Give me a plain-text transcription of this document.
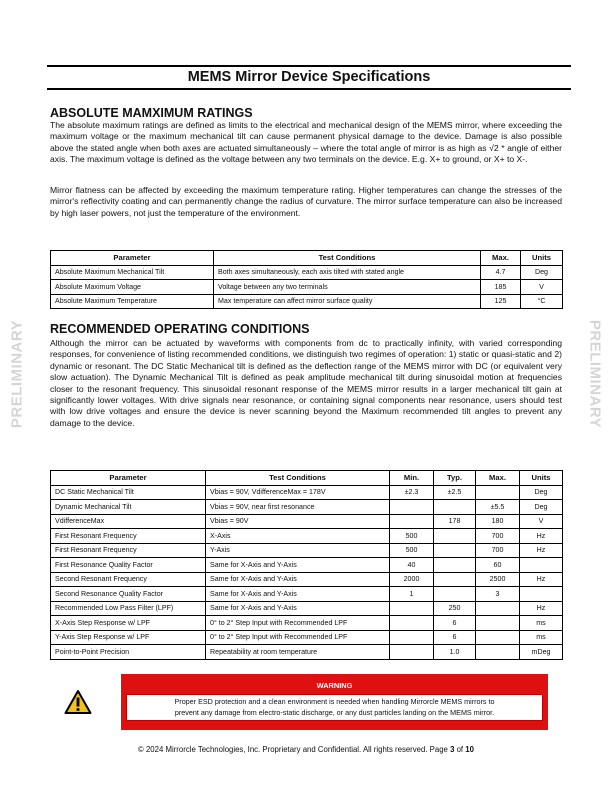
PRELIMINARY	PRELIMINARY
MEMS Mirror Device Specifications
ABSOLUTE MAMXIMUM RATINGS

The absolute maximum ratings are defined as limits to the electrical and mechanical design of the MEMS mirror, where exceeding the maximum voltage or the maximum mechanical tilt can cause permanent physical damage to the device. Damage is also possible above the stated angle when both axes are actuated simultaneously – where the total angle of mirror is as high as √2 * angle of either axis. The maximum voltage is defined as the voltage between any two terminals on the device. E.g. X+ to ground, or X+ to X-.

Mirror flatness can be affected by exceeding the maximum temperature rating. Higher temperatures can change the stresses of the mirror's reflectivity coating and can permanently change the radius of curvature. The mirror surface temperature can also be increased by high laser powers, not just the temperature of the environment.

Parameter	Test Conditions	Max.	Units
Absolute Maximum Mechanical Tilt	Both axes simultaneously, each axis tilted with stated angle	4.7	Deg
Absolute Maximum Voltage	Voltage between any two terminals	185	V
Absolute Maximum Temperature	Max temperature can affect mirror surface quality	125	°C
RECOMMENDED OPERATING CONDITIONS

Although the mirror can be actuated by waveforms with components from dc to practically infinity, with varied corresponding responses, for convenience of listing recommended conditions, we distinguish two regimes of operation: 1) static or quasi-static and 2) dynamic or resonant. The DC Static Mechanical tilt is defined as the deflection range of the MEMS mirror with DC (or equivalent very slow actuation). The Dynamic Mechanical Tilt is defined as peak amplitude mechanical tilt during sinusoidal motion at frequencies closer to the resonant frequency. This sinusoidal resonant response of the MEMS mirror results in a larger mechanical tilt gain at significantly lower voltages. With drive signals near resonance, or containing signal components near resonance, users should test with low drive voltages and ensure the device is never scanning beyond the Maximum recommended tilt angles to prevent any damage to the device.

Parameter	Test Conditions	Min.	Typ.	Max.	Units
DC Static Mechanical Tilt	Vbias = 90V, VdifferenceMax = 178V	±2.3	±2.5		Deg
Dynamic Mechanical Tilt	Vbias = 90V, near first resonance			±5.5	Deg
VdifferenceMax	Vbias = 90V		178	180	V
First Resonant Frequency	X-Axis	500		700	Hz
First Resonant Frequency	Y-Axis	500		700	Hz
First Resonance Quality Factor	Same for X-Axis and Y-Axis	40		60	
Second Resonant Frequency	Same for X-Axis and Y-Axis	2000		2500	Hz
Second Resonance Quality Factor	Same for X-Axis and Y-Axis	1		3	
Recommended Low Pass Filter (LPF)	Same for X-Axis and Y-Axis		250		Hz
X-Axis Step Response w/ LPF	0° to 2° Step Input with Recommended LPF		6		ms
Y-Axis Step Response w/ LPF	0° to 2° Step Input with Recommended LPF		6		ms
Point-to-Point Precision	Repeatability at room temperature		1.0		mDeg
WARNING
Proper ESD protection and a clean environment is needed when handling Mirrorcle MEMS mirrors to
prevent any damage from electro-static discharge, or any dust particles landing on the MEMS mirror.
© 2024 Mirrorcle Technologies, Inc. Proprietary and Confidential. All rights reserved. Page 3 of 10
